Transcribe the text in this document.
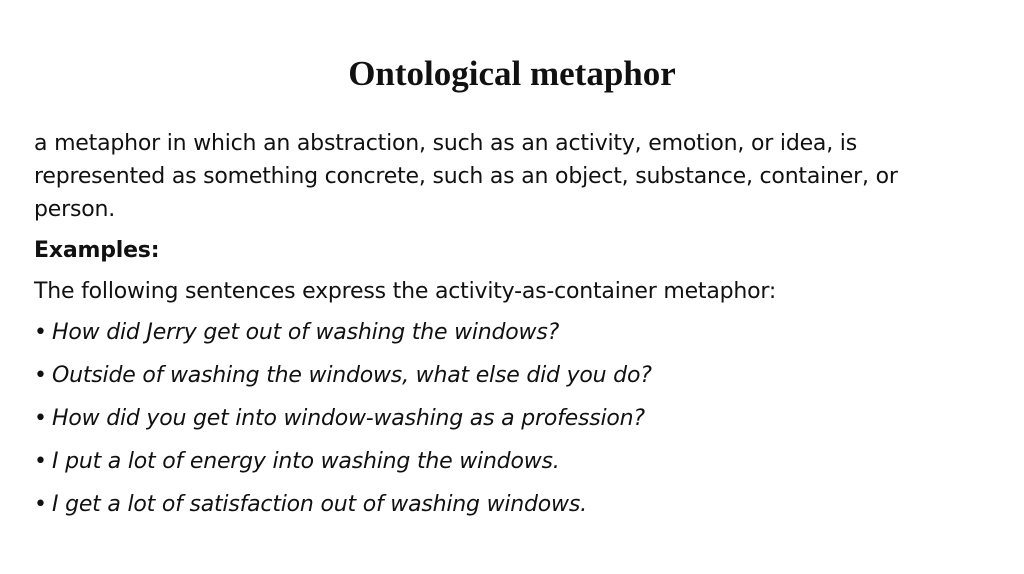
Ontological metaphor

a metaphor in which an abstraction, such as an activity, emotion, or idea, is represented as something concrete, such as an object, substance, container, or person.

Examples:

The following sentences express the activity-as-container metaphor:

• How did Jerry get out of washing the windows?
• Outside of washing the windows, what else did you do?
• How did you get into window-washing as a profession?
• I put a lot of energy into washing the windows.
• I get a lot of satisfaction out of washing windows.
